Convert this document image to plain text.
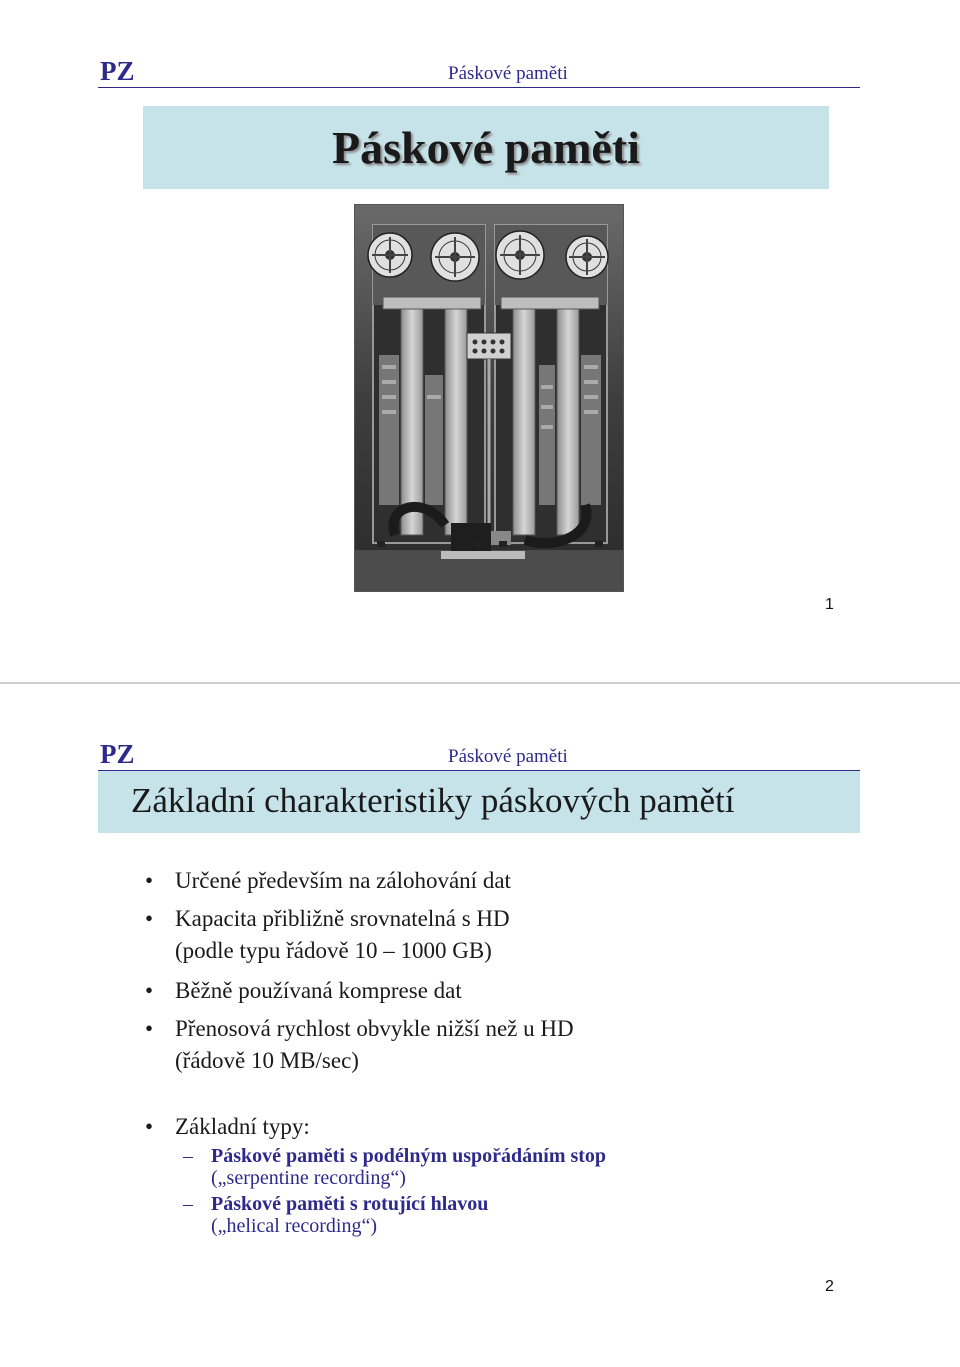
PZ	Páskové paměti
Páskové paměti
1
PZ	Páskové paměti
Základní charakteristiky páskových pamětí
• Určené především na zálohování dat
• Kapacita přibližně srovnatelná s HD
(podle typu řádově 10 – 1000 GB)
• Běžně používaná komprese dat
• Přenosová rychlost obvykle nižší než u HD
(řádově 10 MB/sec)
• Základní typy:
– Páskové paměti s podélným uspořádáním stop
(„serpentine recording“)
– Páskové paměti s rotující hlavou
(„helical recording“)
2
